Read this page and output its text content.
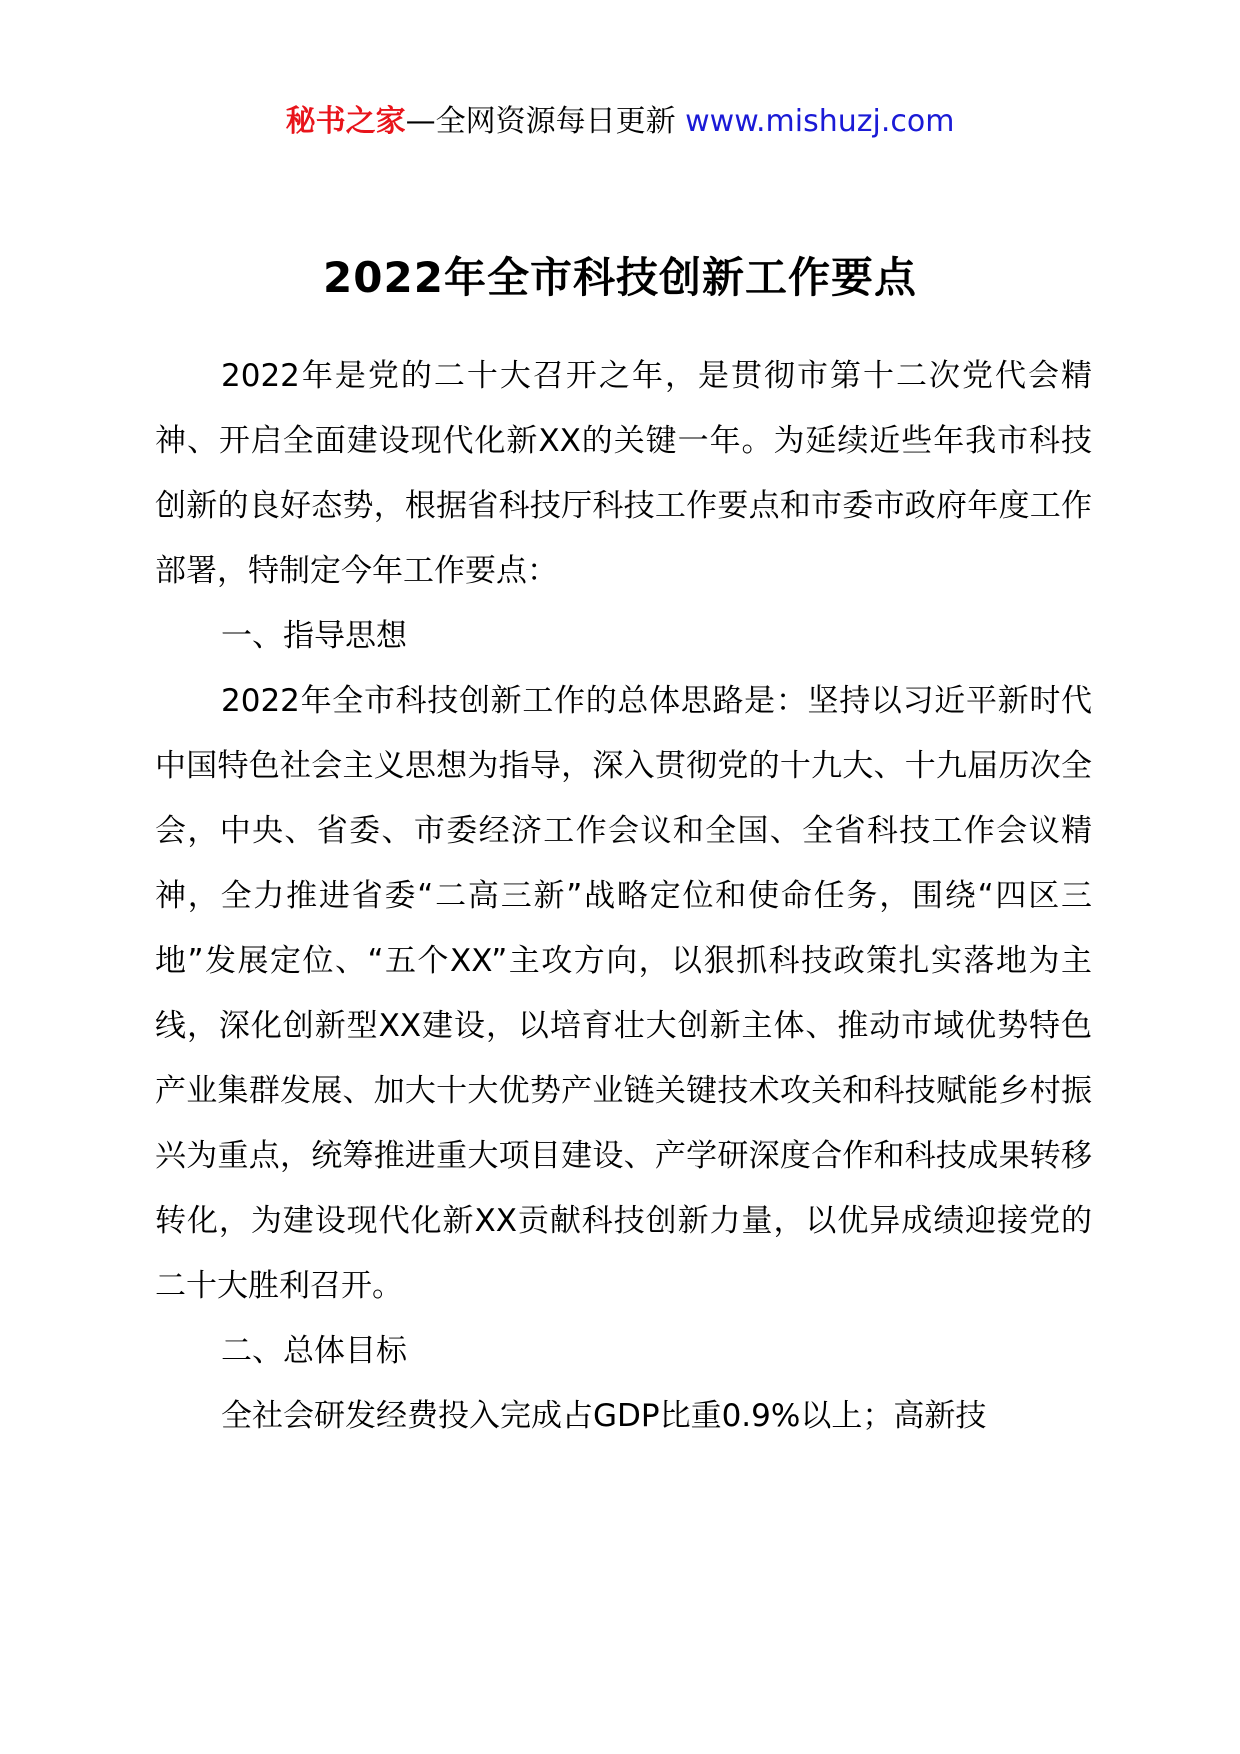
秘书之家—全网资源每日更新 www.mishuzj.com
2022年全市科技创新工作要点

2022年是党的二十大召开之年，是贯彻市第十二次党代会精神、开启全面建设现代化新XX的关键一年。为延续近些年我市科技创新的良好态势，根据省科技厅科技工作要点和市委市政府年度工作部署，特制定今年工作要点：

一、指导思想

2022年全市科技创新工作的总体思路是：坚持以习近平新时代中国特色社会主义思想为指导，深入贯彻党的十九大、十九届历次全会，中央、省委、市委经济工作会议和全国、全省科技工作会议精神，全力推进省委“二高三新”战略定位和使命任务，围绕“四区三地”发展定位、“五个XX”主攻方向，以狠抓科技政策扎实落地为主线，深化创新型XX建设，以培育壮大创新主体、推动市域优势特色产业集群发展、加大十大优势产业链关键技术攻关和科技赋能乡村振兴为重点，统筹推进重大项目建设、产学研深度合作和科技成果转移转化，为建设现代化新XX贡献科技创新力量，以优异成绩迎接党的二十大胜利召开。

二、总体目标

全社会研发经费投入完成占GDP比重0.9%以上；高新技
